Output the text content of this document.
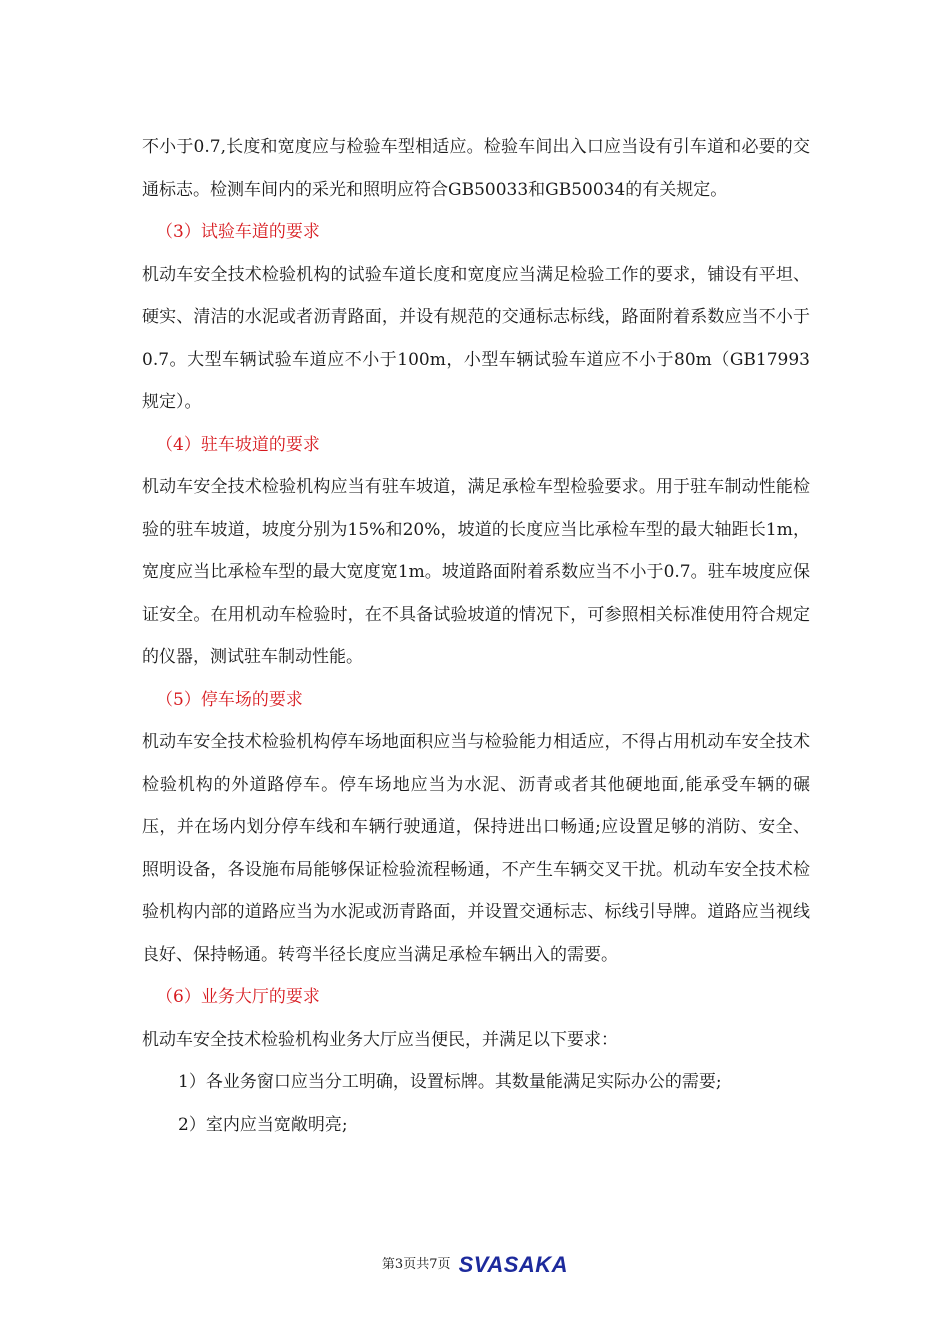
不小于0.7,长度和宽度应与检验车型相适应。检验车间出入口应当设有引车道和必要的交通标志。检测车间内的采光和照明应符合GB50033和GB50034的有关规定。

（3）试验车道的要求

机动车安全技术检验机构的试验车道长度和宽度应当满足检验工作的要求，铺设有平坦、硬实、清洁的水泥或者沥青路面，并设有规范的交通标志标线，路面附着系数应当不小于0.7。大型车辆试验车道应不小于100m，小型车辆试验车道应不小于80m（GB17993规定）。

（4）驻车坡道的要求

机动车安全技术检验机构应当有驻车坡道，满足承检车型检验要求。用于驻车制动性能检验的驻车坡道，坡度分别为15%和20%，坡道的长度应当比承检车型的最大轴距长1m，宽度应当比承检车型的最大宽度宽1m。坡道路面附着系数应当不小于0.7。驻车坡度应保证安全。在用机动车检验时，在不具备试验坡道的情况下，可参照相关标准使用符合规定的仪器，测试驻车制动性能。

（5）停车场的要求

机动车安全技术检验机构停车场地面积应当与检验能力相适应，不得占用机动车安全技术检验机构的外道路停车。停车场地应当为水泥、沥青或者其他硬地面,能承受车辆的碾压，并在场内划分停车线和车辆行驶通道，保持进出口畅通;应设置足够的消防、安全、照明设备，各设施布局能够保证检验流程畅通，不产生车辆交叉干扰。机动车安全技术检验机构内部的道路应当为水泥或沥青路面，并设置交通标志、标线引导牌。道路应当视线良好、保持畅通。转弯半径长度应当满足承检车辆出入的需要。

（6）业务大厅的要求

机动车安全技术检验机构业务大厅应当便民，并满足以下要求：

1）各业务窗口应当分工明确，设置标牌。其数量能满足实际办公的需要;

2）室内应当宽敞明亮;

第3页共7页 SVASAKA
